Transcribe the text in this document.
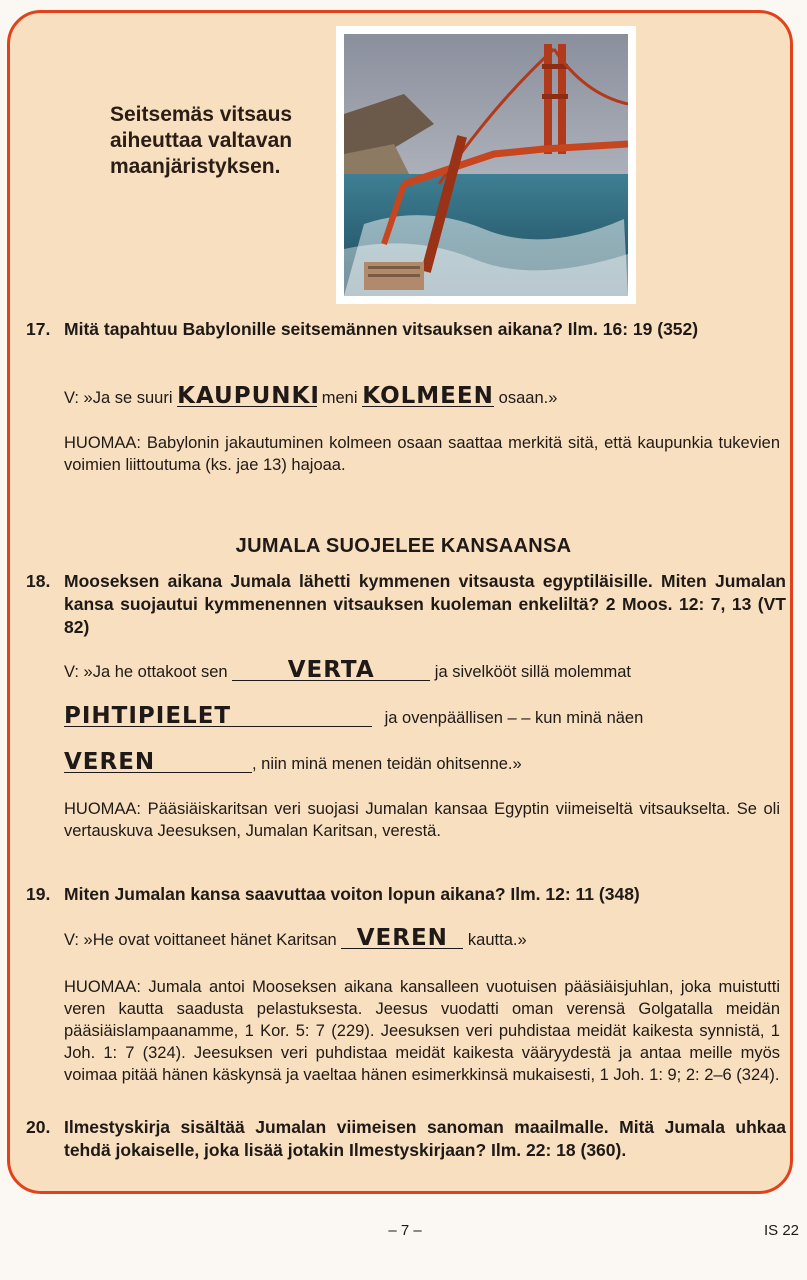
Seitsemäs vitsaus aiheuttaa valtavan maanjäristyksen.
17. Mitä tapahtuu Babylonille seitsemännen vitsauksen aikana? Ilm. 16: 19 (352)
V: »Ja se suuri KAUPUNKI meni KOLMEEN osaan.»
HUOMAA: Babylonin jakautuminen kolmeen osaan saattaa merkitä sitä, että kaupunkia tukevien voimien liittoutuma (ks. jae 13) hajoaa.
JUMALA SUOJELEE KANSAANSA
18. Mooseksen aikana Jumala lähetti kymmenen vitsausta egyptiläisille. Miten Jumalan kansa suojautui kymmenennen vitsauksen kuoleman enkeliltä? 2 Moos. 12: 7, 13 (VT 82)
V: »Ja he ottakoot sen	VERTA	ja sivelkööt sillä molemmat
PIHTIPIELET	ja ovenpäällisen – – kun minä näen
VEREN	, niin minä menen teidän ohitsenne.»
HUOMAA: Pääsiäiskaritsan veri suojasi Jumalan kansaa Egyptin viimeiseltä vitsaukselta. Se oli vertauskuva Jeesuksen, Jumalan Karitsan, verestä.
19. Miten Jumalan kansa saavuttaa voiton lopun aikana? Ilm. 12: 11 (348)
V: »He ovat voittaneet hänet Karitsan VEREN kautta.»
HUOMAA: Jumala antoi Mooseksen aikana kansalleen vuotuisen pääsiäisjuhlan, joka muistutti veren kautta saadusta pelastuksesta. Jeesus vuodatti oman verensä Golgatalla meidän pääsiäislampaanamme, 1 Kor. 5: 7 (229). Jeesuksen veri puhdistaa meidät kaikesta synnistä, 1 Joh. 1: 7 (324). Jeesuksen veri puhdistaa meidät kaikesta vääryydestä ja antaa meille myös voimaa pitää hänen käskynsä ja vaeltaa hänen esimerkkinsä mukaisesti, 1 Joh. 1: 9; 2: 2–6 (324).
20. Ilmestyskirja sisältää Jumalan viimeisen sanoman maailmalle. Mitä Jumala uhkaa tehdä jokaiselle, joka lisää jotakin Ilmestyskirjaan? Ilm. 22: 18 (360).
– 7 –	IS 22
